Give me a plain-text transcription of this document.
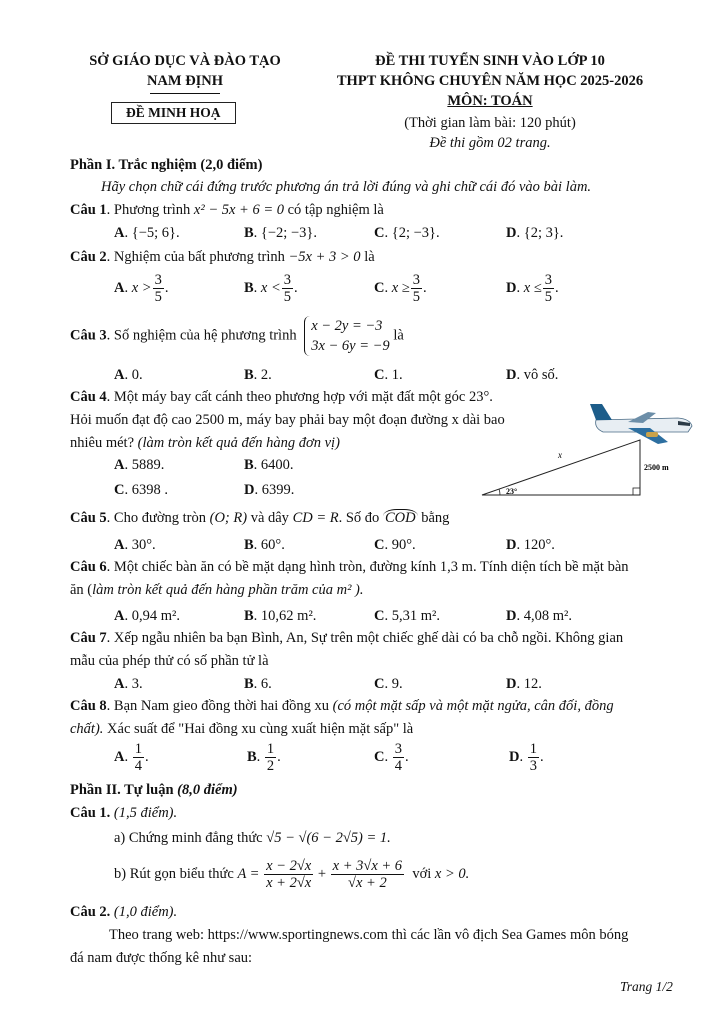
SỞ GIÁO DỤC VÀ ĐÀO TẠO
NAM ĐỊNH
ĐỀ MINH HOẠ
ĐỀ THI TUYỂN SINH VÀO LỚP 10
THPT KHÔNG CHUYÊN NĂM HỌC 2025-2026
MÔN: TOÁN
(Thời gian làm bài: 120 phút)
Đề thi gồm 02 trang.
Phần I. Trắc nghiệm (2,0 điểm)
Hãy chọn chữ cái đứng trước phương án trả lời đúng và ghi chữ cái đó vào bài làm.
Câu 1. Phương trình x² − 5x + 6 = 0 có tập nghiệm là
A. {−5; 6}.	B. {−2; −3}.	C. {2; −3}.	D. {2; 3}.
Câu 2. Nghiệm của bất phương trình −5x + 3 > 0 là
A. $x > \frac{3}{5}$ .	B. $x < \frac{3}{5}$ .	C. $x \ge \frac{3}{5}$ .	D. $x \le \frac{3}{5}$ .
Câu 3. Số nghiệm của hệ phương trình
x − 2y = −3
3x − 6y = −9
là
A. 0.	B. 2.	C. 1.	D. vô số.
Câu 4. Một máy bay cất cánh theo phương hợp với mặt đất một góc 23°.
Hỏi muốn đạt độ cao 2500 m, máy bay phải bay một đoạn đường x dài bao
nhiêu mét? (làm tròn kết quả đến hàng đơn vị)
A. 5889.	B. 6400.
C. 6398 .	D. 6399.
x
2500 m
23°
Câu 5. Cho đường tròn (O; R) và dây CD = R. Số đo COD bằng
A. 30°.	B. 60°.	C. 90°.	D. 120°.
Câu 6. Một chiếc bàn ăn có bề mặt dạng hình tròn, đường kính 1,3 m. Tính diện tích bề mặt bàn
ăn (làm tròn kết quả đến hàng phần trăm của m² ).
A. 0,94 m².	B. 10,62 m².	C. 5,31 m².	D. 4,08 m².
Câu 7. Xếp ngẫu nhiên ba bạn Bình, An, Sự trên một chiếc ghế dài có ba chỗ ngồi. Không gian
mẫu của phép thử có số phần tử là
A. 3.	B. 6.	C. 9.	D. 12.
Câu 8. Bạn Nam gieo đồng thời hai đồng xu (có một mặt sấp và một mặt ngửa, cân đối, đồng
chất). Xác suất để "Hai đồng xu cùng xuất hiện mặt sấp" là
A. $\frac{1}{4}$ .	B. $\frac{1}{2}$ .	C. $\frac{3}{4}$ .	D. $\frac{1}{3}$ .
Phần II. Tự luận (8,0 điểm)
Câu 1. (1,5 điểm).
a) Chứng minh đẳng thức √5 − √(6 − 2√5) = 1.
b) Rút gọn biểu thức $A = \frac{x - 2√x}{x + 2√x} + \frac{x + 3√x + 6}{√x + 2}$ với x > 0.
Câu 2. (1,0 điểm).
Theo trang web: https://www.sportingnews.com thì các lần vô địch Sea Games môn bóng
đá nam được thống kê như sau:
Trang 1/2
